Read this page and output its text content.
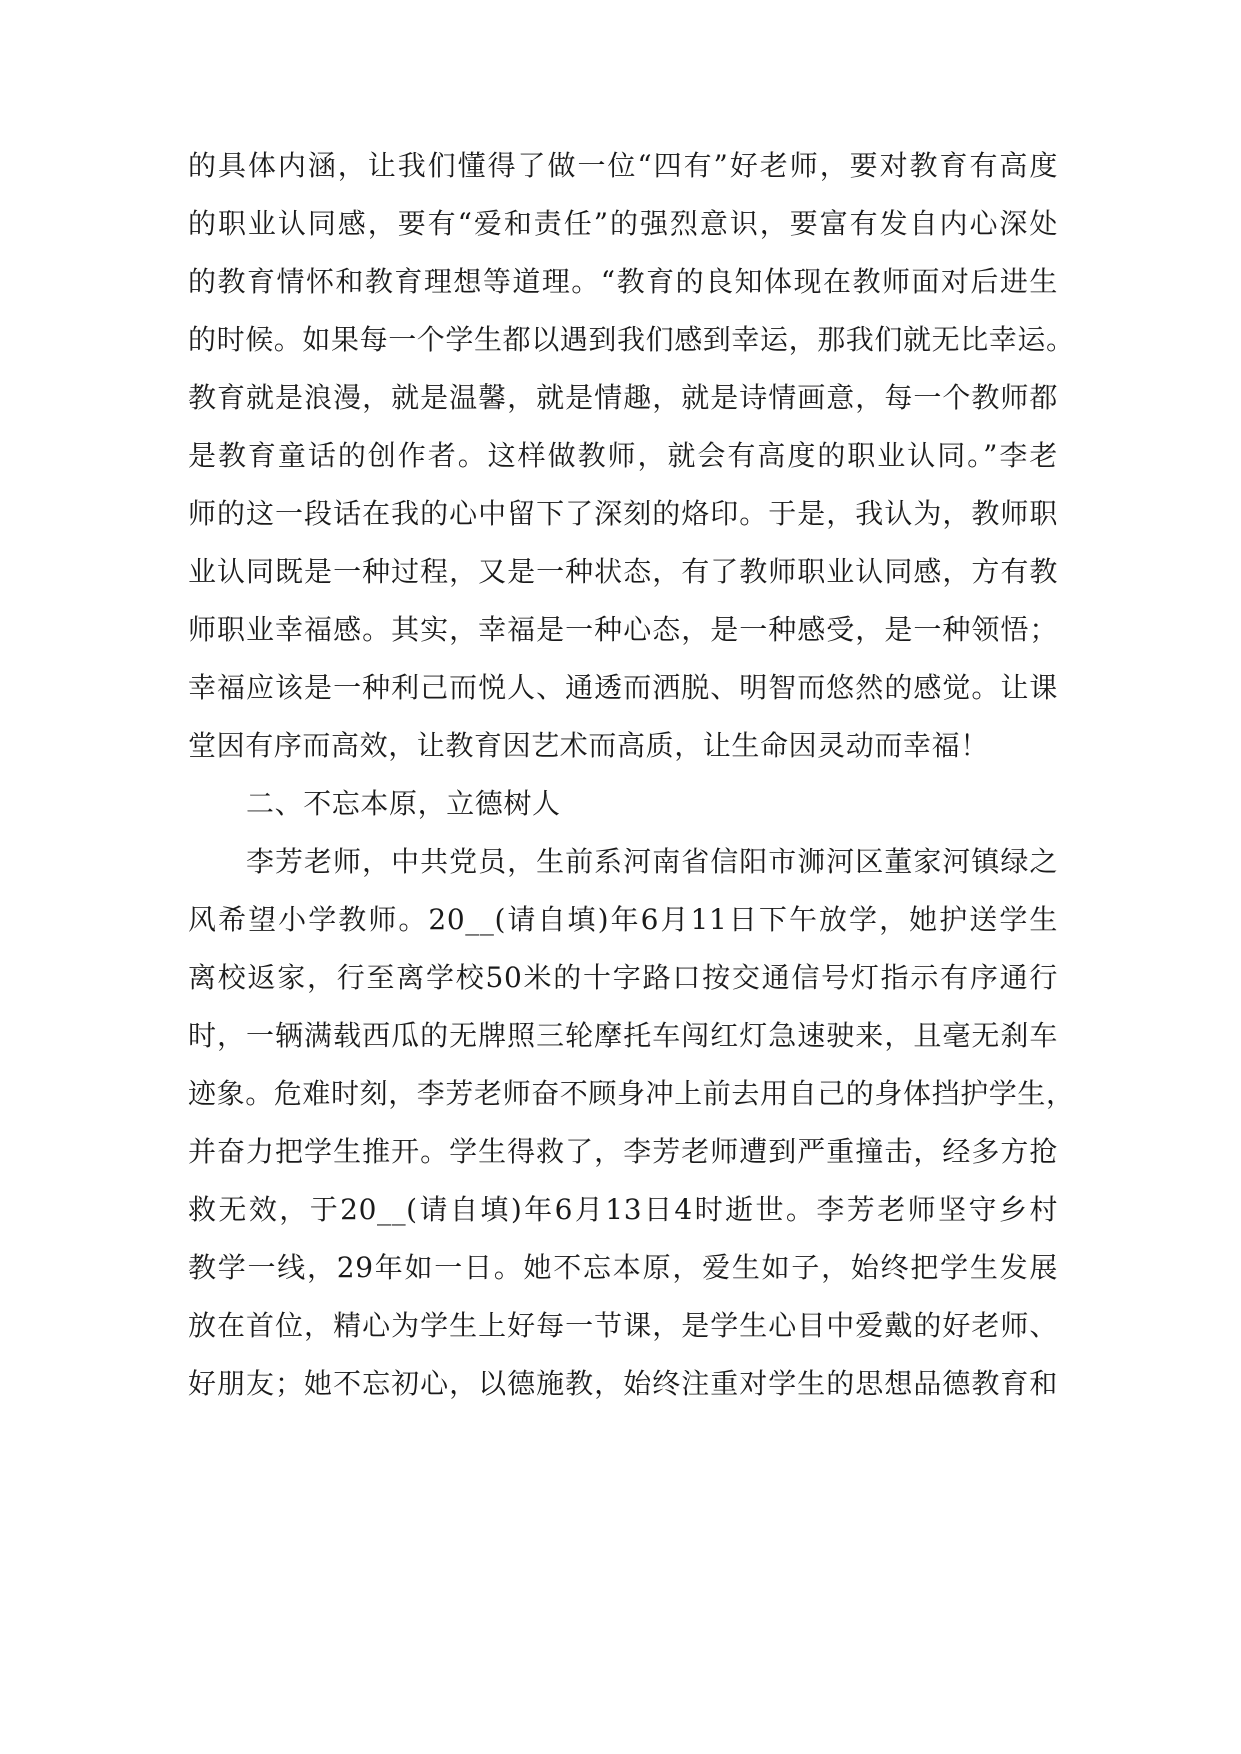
的具体内涵，让我们懂得了做一位“四有”好老师，要对教育有高度
的职业认同感，要有“爱和责任”的强烈意识，要富有发自内心深处
的教育情怀和教育理想等道理。“教育的良知体现在教师面对后进生
的时候。如果每一个学生都以遇到我们感到幸运，那我们就无比幸运。
教育就是浪漫，就是温馨，就是情趣，就是诗情画意，每一个教师都
是教育童话的创作者。这样做教师，就会有高度的职业认同。”李老
师的这一段话在我的心中留下了深刻的烙印。于是，我认为，教师职
业认同既是一种过程，又是一种状态，有了教师职业认同感，方有教
师职业幸福感。其实，幸福是一种心态，是一种感受，是一种领悟；
幸福应该是一种利己而悦人、通透而洒脱、明智而悠然的感觉。让课
堂因有序而高效，让教育因艺术而高质，让生命因灵动而幸福！
二、不忘本原，立德树人
李芳老师，中共党员，生前系河南省信阳市浉河区董家河镇绿之
风希望小学教师。20__(请自填)年6月11日下午放学，她护送学生
离校返家，行至离学校50米的十字路口按交通信号灯指示有序通行
时，一辆满载西瓜的无牌照三轮摩托车闯红灯急速驶来，且毫无刹车
迹象。危难时刻，李芳老师奋不顾身冲上前去用自己的身体挡护学生，
并奋力把学生推开。学生得救了，李芳老师遭到严重撞击，经多方抢
救无效，于20__(请自填)年6月13日4时逝世。李芳老师坚守乡村
教学一线，29年如一日。她不忘本原，爱生如子，始终把学生发展
放在首位，精心为学生上好每一节课，是学生心目中爱戴的好老师、
好朋友；她不忘初心，以德施教，始终注重对学生的思想品德教育和
